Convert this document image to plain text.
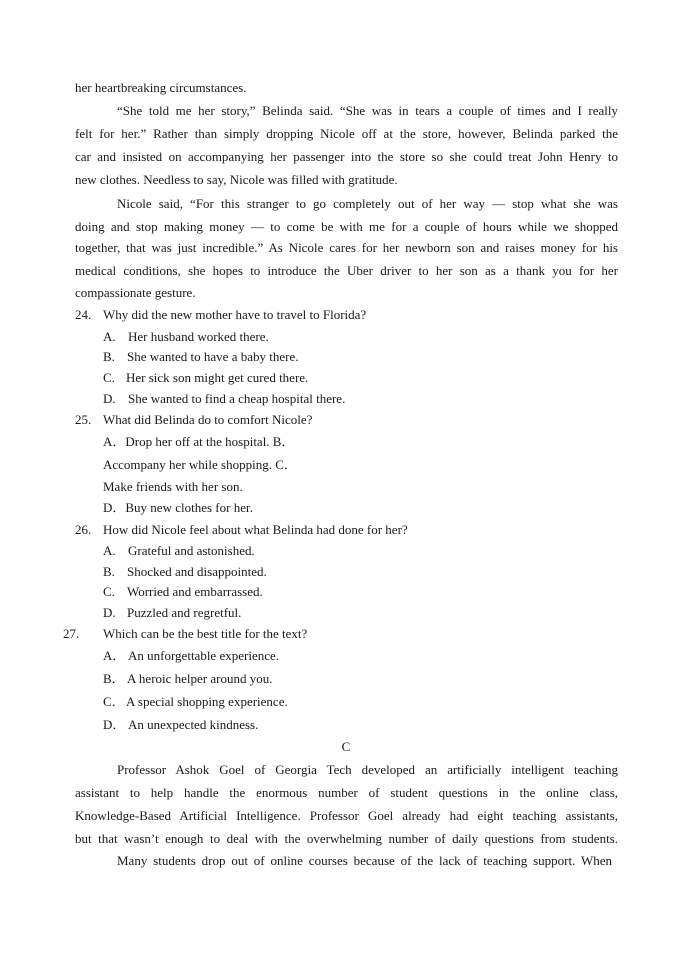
her heartbreaking circumstances.
“She told me her story,” Belinda said. “She was in tears a couple of times and I really
felt for her.” Rather than simply dropping Nicole off at the store, however, Belinda parked the
car and insisted on accompanying her passenger into the store so she could treat John Henry to
new clothes. Needless to say, Nicole was filled with gratitude.
Nicole said, “For this stranger to go completely out of her way — stop what she was
doing and stop making money — to come be with me for a couple of hours while we shopped
together, that was just incredible.” As Nicole cares for her newborn son and raises money for his
medical conditions, she hopes to introduce the Uber driver to her son as a thank you for her
compassionate gesture.
24. Why did the new mother have to travel to Florida?
A. Her husband worked there.
B. She wanted to have a baby there.
C. Her sick son might get cured there.
D. She wanted to find a cheap hospital there.
25. What did Belinda do to comfort Nicole?
A．Drop her off at the hospital. B．
Accompany her while shopping. C．
Make friends with her son.
D．Buy new clothes for her.
26. How did Nicole feel about what Belinda had done for her?
A. Grateful and astonished.
B. Shocked and disappointed.
C. Worried and embarrassed.
D. Puzzled and regretful.
27. Which can be the best title for the text?
A． An unforgettable experience.
B． A heroic helper around you.
C． A special shopping experience.
D． An unexpected kindness.
C
Professor Ashok Goel of Georgia Tech developed an artificially intelligent teaching
assistant to help handle the enormous number of student questions in the online class,
Knowledge-Based Artificial Intelligence. Professor Goel already had eight teaching assistants,
but that wasn’t enough to deal with the overwhelming number of daily questions from students.
Many students drop out of online courses because of the lack of teaching support. When
